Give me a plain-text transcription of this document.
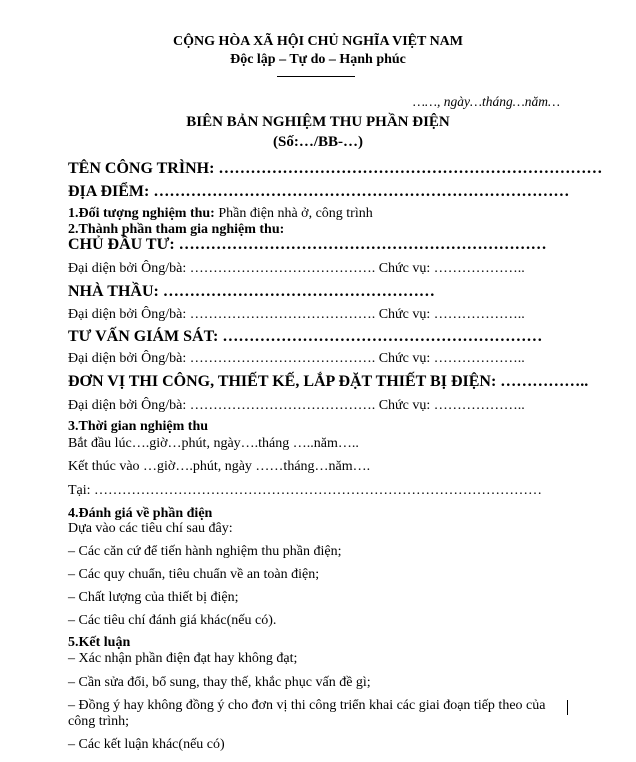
CỘNG HÒA XÃ HỘI CHỦ NGHĨA VIỆT NAM
Độc lập – Tự do – Hạnh phúc
……, ngày…tháng…năm…
BIÊN BẢN NGHIỆM THU PHẦN ĐIỆN
(Số:…/BB-…)
TÊN CÔNG TRÌNH: ………………………………………………………………
ĐỊA ĐIỂM: ……………………………………………………………………
1.Đối tượng nghiệm thu: Phần điện nhà ở, công trình
2.Thành phần tham gia nghiệm thu:
CHỦ ĐẦU TƯ: ……………………………………………………………
Đại diện bởi Ông/bà: …………………………………. Chức vụ: ………………..
NHÀ THẦU: ……………………………………………
Đại diện bởi Ông/bà: …………………………………. Chức vụ: ………………..
TƯ VẤN GIÁM SÁT: ……………………………………………………
Đại diện bởi Ông/bà: …………………………………. Chức vụ: ………………..
ĐƠN VỊ THI CÔNG, THIẾT KẾ, LẮP ĐẶT THIẾT BỊ ĐIỆN: ……………..
Đại diện bởi Ông/bà: …………………………………. Chức vụ: ………………..
3.Thời gian nghiệm thu
Bắt đầu lúc….giờ…phút, ngày….tháng …..năm…..
Kết thúc vào …giờ….phút, ngày ……tháng…năm….
Tại: ……………………………………………………………………………………
4.Đánh giá về phần điện
Dựa vào các tiêu chí sau đây:
– Các căn cứ để tiến hành nghiệm thu phần điện;
– Các quy chuẩn, tiêu chuẩn về an toàn điện;
– Chất lượng của thiết bị điện;
– Các tiêu chí đánh giá khác(nếu có).
5.Kết luận
– Xác nhận phần điện đạt hay không đạt;
– Cần sửa đổi, bổ sung, thay thế, khắc phục vấn đề gì;
– Đồng ý hay không đồng ý cho đơn vị thi công triển khai các giai đoạn tiếp theo của
công trình;
– Các kết luận khác(nếu có)
